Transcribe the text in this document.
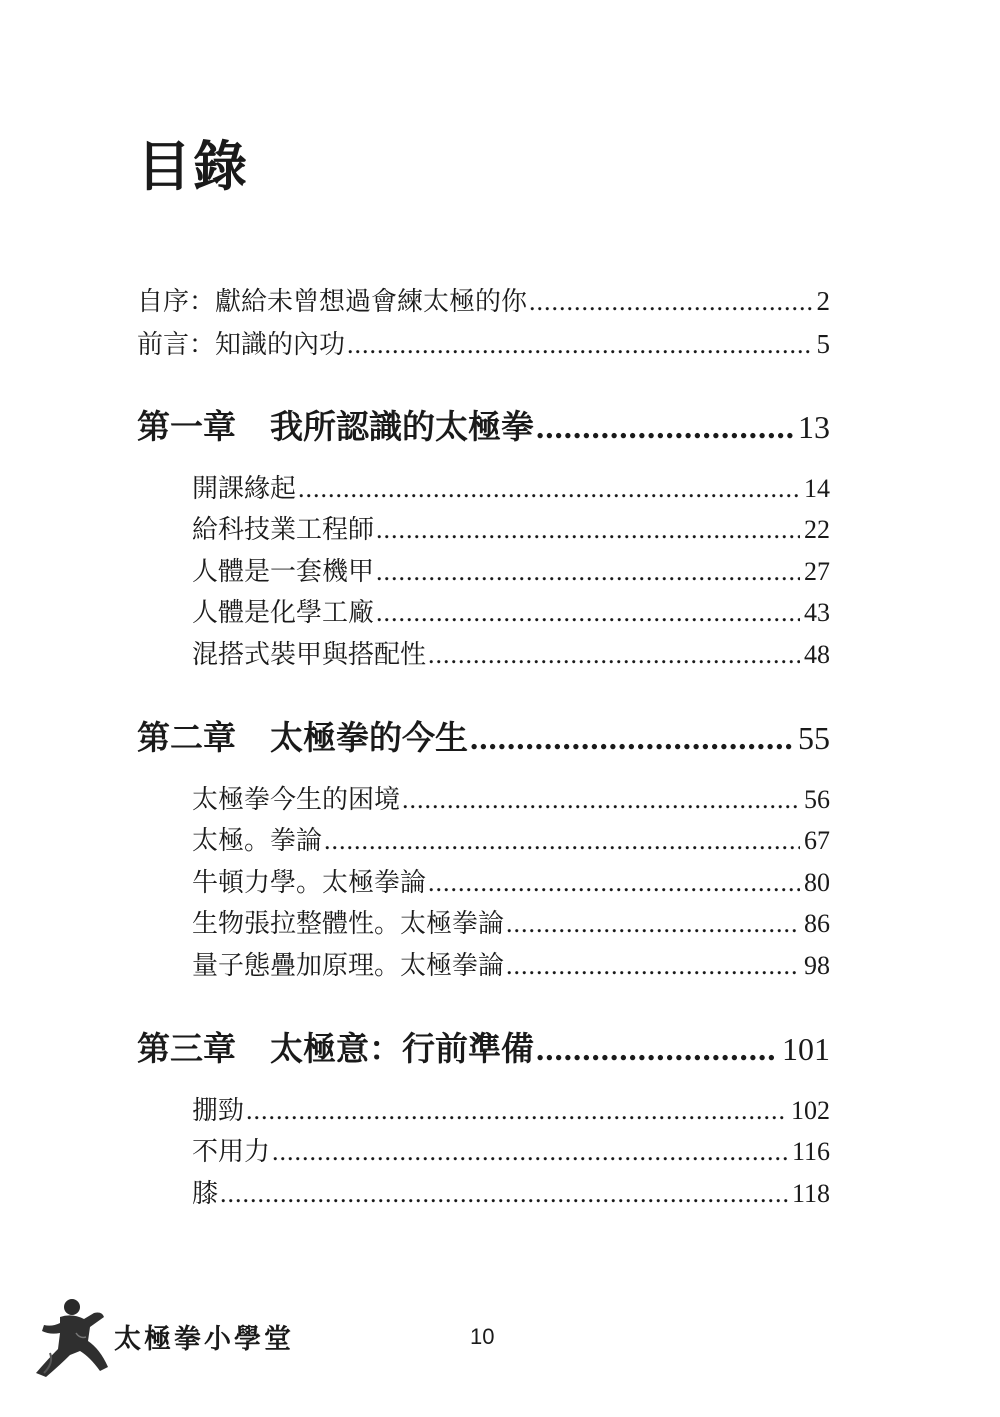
目錄
自序：獻給未曾想過會練太極的你 .....	2
前言：知識的內功 .....	5
第一章 我所認識的太極拳 .....	13
開課緣起 .....	14
給科技業工程師 .....	22
人體是一套機甲 .....	27
人體是化學工廠 .....	43
混搭式裝甲與搭配性 .....	48
第二章 太極拳的今生 .....	55
太極拳今生的困境 .....	56
太極。拳論 .....	67
牛頓力學。太極拳論 .....	80
生物張拉整體性。太極拳論 .....	86
量子態疊加原理。太極拳論 .....	98
第三章 太極意：行前準備 .....	101
掤勁 .....	102
不用力 .....	116
膝 .....	118
太極拳小學堂	10
